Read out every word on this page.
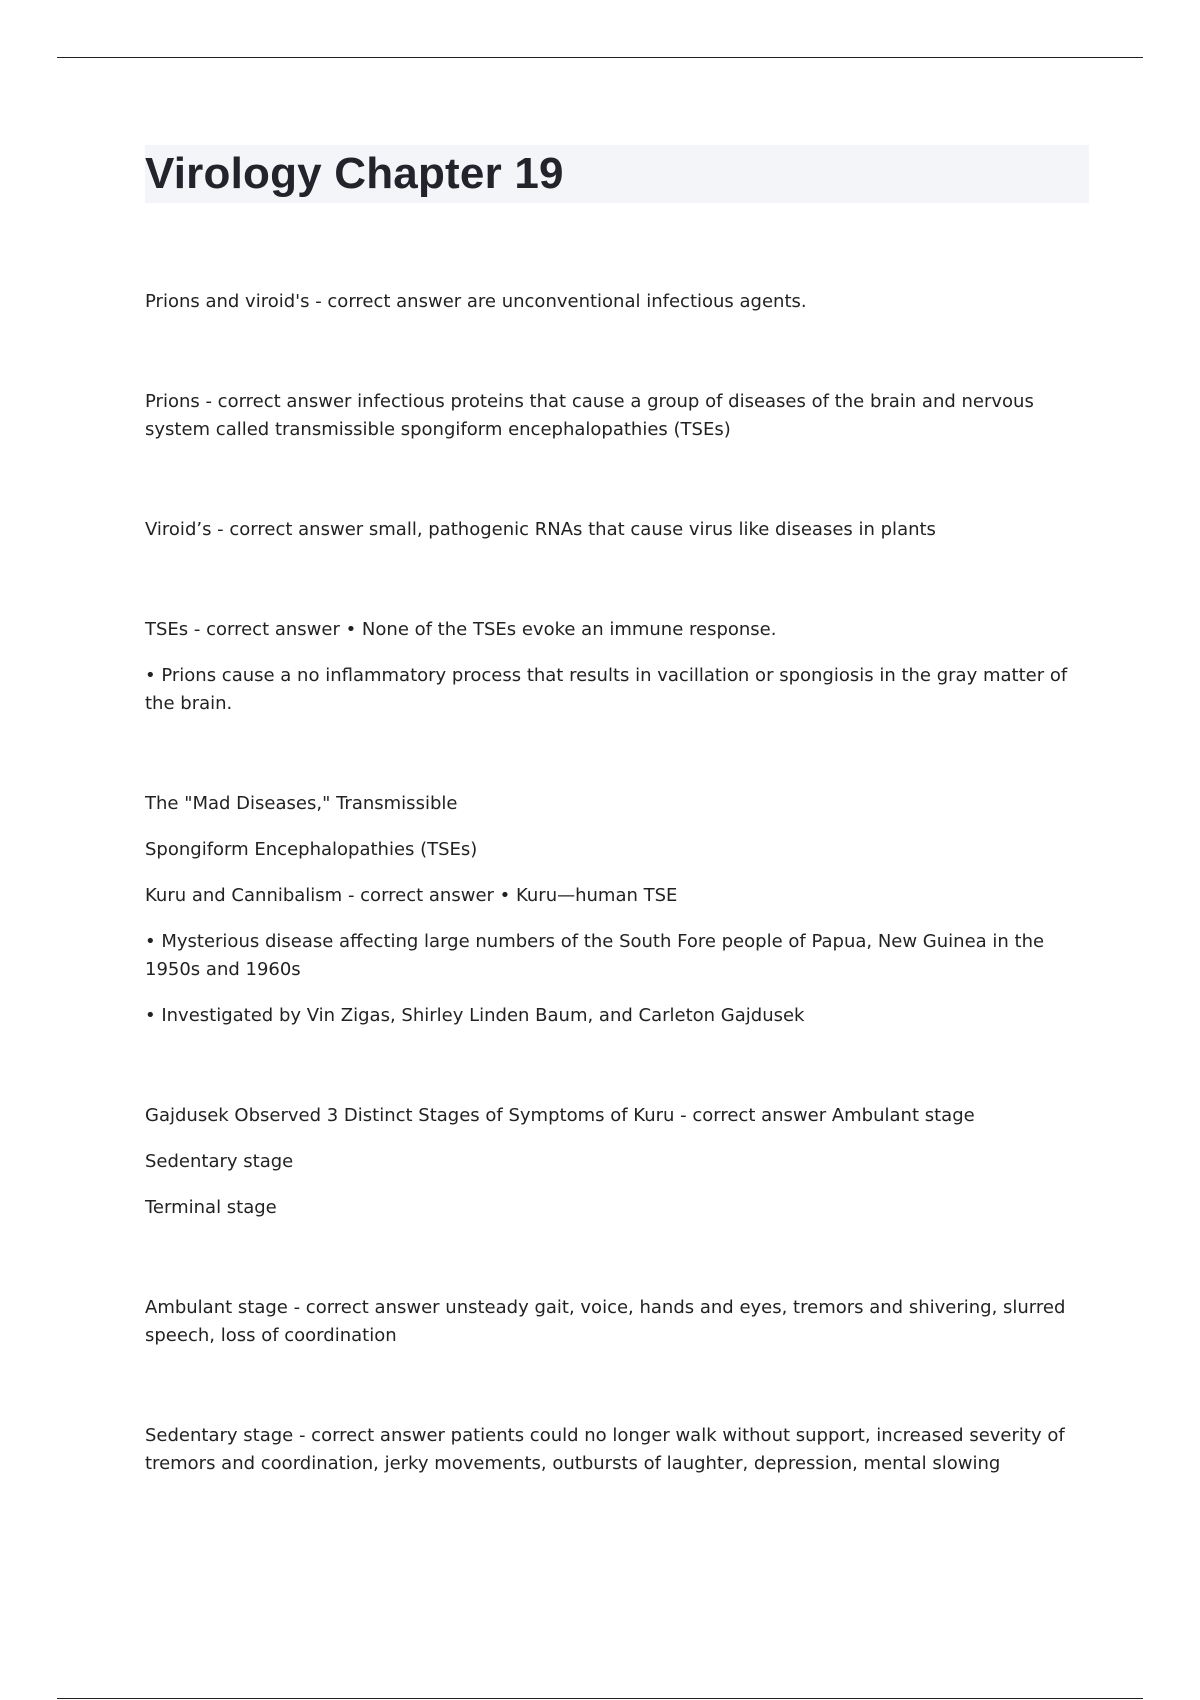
Virology Chapter 19

Prions and viroid's - correct answer are unconventional infectious agents.

Prions - correct answer infectious proteins that cause a group of diseases of the brain and nervous system called transmissible spongiform encephalopathies (TSEs)

Viroid’s - correct answer small, pathogenic RNAs that cause virus like diseases in plants

TSEs - correct answer • None of the TSEs evoke an immune response.

• Prions cause a no inflammatory process that results in vacillation or spongiosis in the gray matter of the brain.

The "Mad Diseases," Transmissible

Spongiform Encephalopathies (TSEs)

Kuru and Cannibalism - correct answer • Kuru—human TSE

• Mysterious disease affecting large numbers of the South Fore people of Papua, New Guinea in the 1950s and 1960s

• Investigated by Vin Zigas, Shirley Linden Baum, and Carleton Gajdusek

Gajdusek Observed 3 Distinct Stages of Symptoms of Kuru - correct answer Ambulant stage

Sedentary stage

Terminal stage

Ambulant stage - correct answer unsteady gait, voice, hands and eyes, tremors and shivering, slurred speech, loss of coordination

Sedentary stage - correct answer patients could no longer walk without support, increased severity of tremors and coordination, jerky movements, outbursts of laughter, depression, mental slowing
